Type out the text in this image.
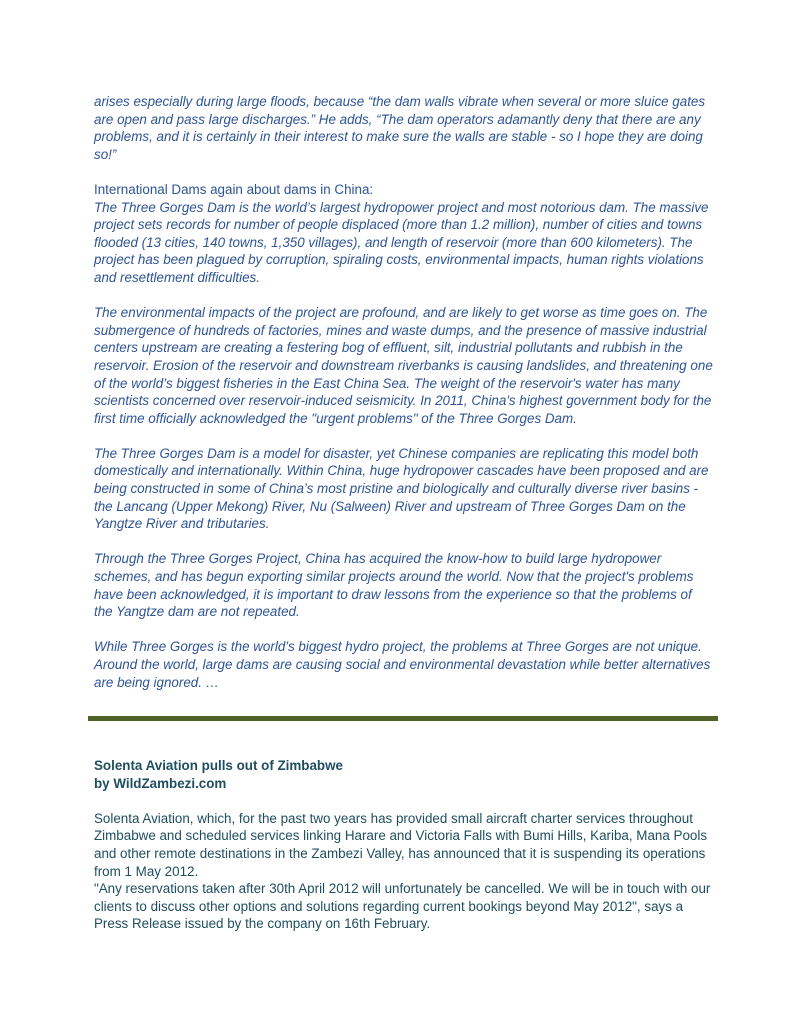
arises especially during large floods, because “the dam walls vibrate when several or more sluice gates are open and pass large discharges.” He adds, “The dam operators adamantly deny that there are any problems, and it is certainly in their interest to make sure the walls are stable - so I hope they are doing so!”

International Dams again about dams in China:

The Three Gorges Dam is the world’s largest hydropower project and most notorious dam. The massive project sets records for number of people displaced (more than 1.2 million), number of cities and towns flooded (13 cities, 140 towns, 1,350 villages), and length of reservoir (more than 600 kilometers). The project has been plagued by corruption, spiraling costs, environmental impacts, human rights violations and resettlement difficulties.

The environmental impacts of the project are profound, and are likely to get worse as time goes on. The submergence of hundreds of factories, mines and waste dumps, and the presence of massive industrial centers upstream are creating a festering bog of effluent, silt, industrial pollutants and rubbish in the reservoir. Erosion of the reservoir and downstream riverbanks is causing landslides, and threatening one of the world’s biggest fisheries in the East China Sea. The weight of the reservoir's water has many scientists concerned over reservoir-induced seismicity. In 2011, China's highest government body for the first time officially acknowledged the "urgent problems" of the Three Gorges Dam.

The Three Gorges Dam is a model for disaster, yet Chinese companies are replicating this model both domestically and internationally. Within China, huge hydropower cascades have been proposed and are being constructed in some of China’s most pristine and biologically and culturally diverse river basins - the Lancang (Upper Mekong) River, Nu (Salween) River and upstream of Three Gorges Dam on the Yangtze River and tributaries.

Through the Three Gorges Project, China has acquired the know-how to build large hydropower schemes, and has begun exporting similar projects around the world. Now that the project's problems have been acknowledged, it is important to draw lessons from the experience so that the problems of the Yangtze dam are not repeated.

While Three Gorges is the world’s biggest hydro project, the problems at Three Gorges are not unique. Around the world, large dams are causing social and environmental devastation while better alternatives are being ignored. …

Solenta Aviation pulls out of Zimbabwe

by WildZambezi.com

Solenta Aviation, which, for the past two years has provided small aircraft charter services throughout Zimbabwe and scheduled services linking Harare and Victoria Falls with Bumi Hills, Kariba, Mana Pools and other remote destinations in the Zambezi Valley, has announced that it is suspending its operations from 1 May 2012.

"Any reservations taken after 30th April 2012 will unfortunately be cancelled. We will be in touch with our clients to discuss other options and solutions regarding current bookings beyond May 2012", says a Press Release issued by the company on 16th February.
